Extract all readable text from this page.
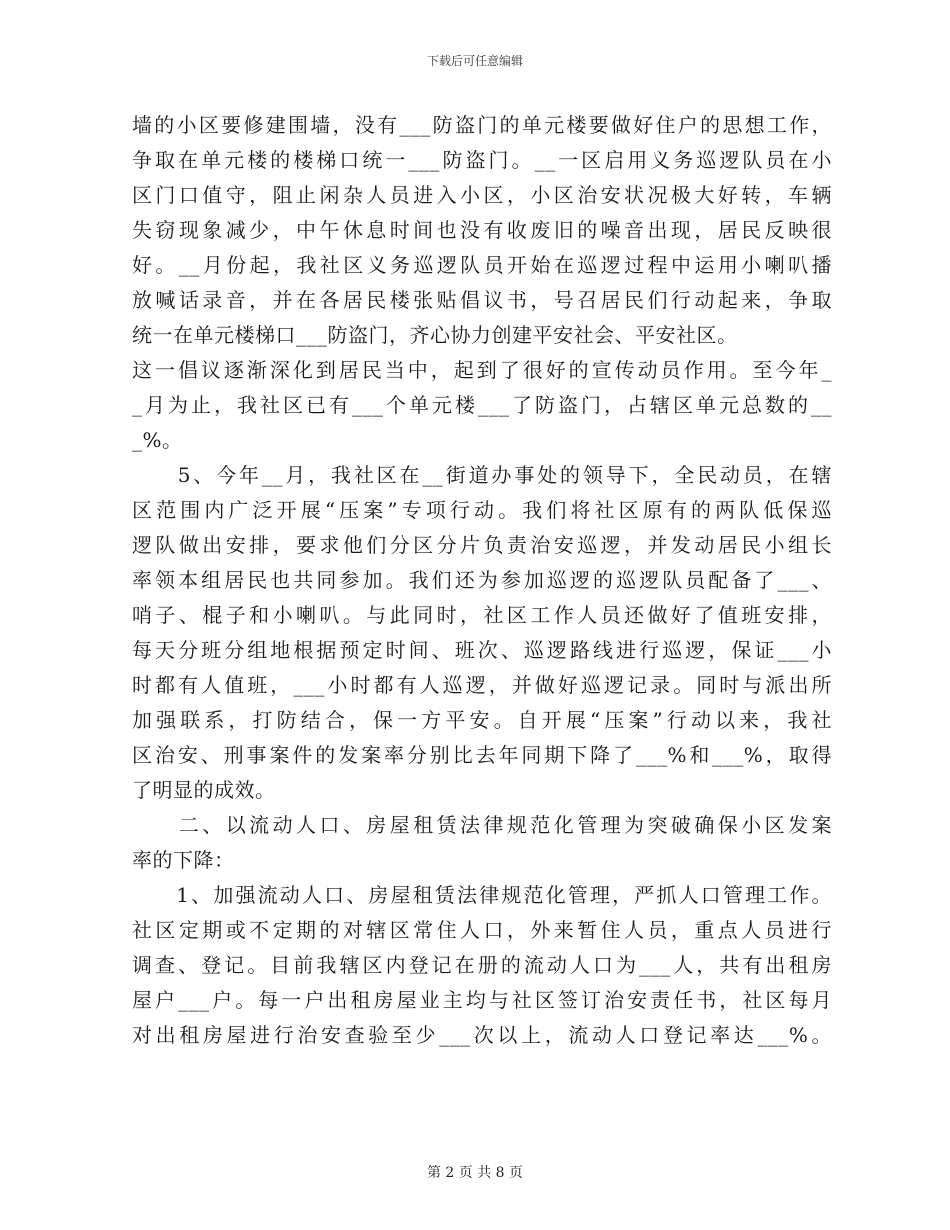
下载后可任意编辑
墙的小区要修建围墙，没有___防盗门的单元楼要做好住户的思想工作，
争取在单元楼的楼梯口统一___防盗门。__一区启用义务巡逻队员在小
区门口值守，阻止闲杂人员进入小区，小区治安状况极大好转，车辆
失窃现象减少，中午休息时间也没有收废旧的噪音出现，居民反映很
好。__月份起，我社区义务巡逻队员开始在巡逻过程中运用小喇叭播
放喊话录音，并在各居民楼张贴倡议书，号召居民们行动起来，争取
统一在单元楼梯口___防盗门，齐心协力创建平安社会、平安社区。
这一倡议逐渐深化到居民当中，起到了很好的宣传动员作用。至今年_
_月为止，我社区已有___个单元楼___了防盗门，占辖区单元总数的__
_%。
　　5、今年__月，我社区在__街道办事处的领导下，全民动员，在辖
区范围内广泛开展“压案”专项行动。我们将社区原有的两队低保巡
逻队做出安排，要求他们分区分片负责治安巡逻，并发动居民小组长
率领本组居民也共同参加。我们还为参加巡逻的巡逻队员配备了___、
哨子、棍子和小喇叭。与此同时，社区工作人员还做好了值班安排，
每天分班分组地根据预定时间、班次、巡逻路线进行巡逻，保证___小
时都有人值班，___小时都有人巡逻，并做好巡逻记录。同时与派出所
加强联系，打防结合，保一方平安。自开展“压案”行动以来，我社
区治安、刑事案件的发案率分别比去年同期下降了___%和___%，取得
了明显的成效。
　　二、以流动人口、房屋租赁法律规范化管理为突破确保小区发案
率的下降：
　　1、加强流动人口、房屋租赁法律规范化管理，严抓人口管理工作。
社区定期或不定期的对辖区常住人口，外来暂住人员，重点人员进行
调查、登记。目前我辖区内登记在册的流动人口为___人，共有出租房
屋户___户。每一户出租房屋业主均与社区签订治安责任书，社区每月
对出租房屋进行治安查验至少___次以上，流动人口登记率达___%。
第 2 页 共 8 页
